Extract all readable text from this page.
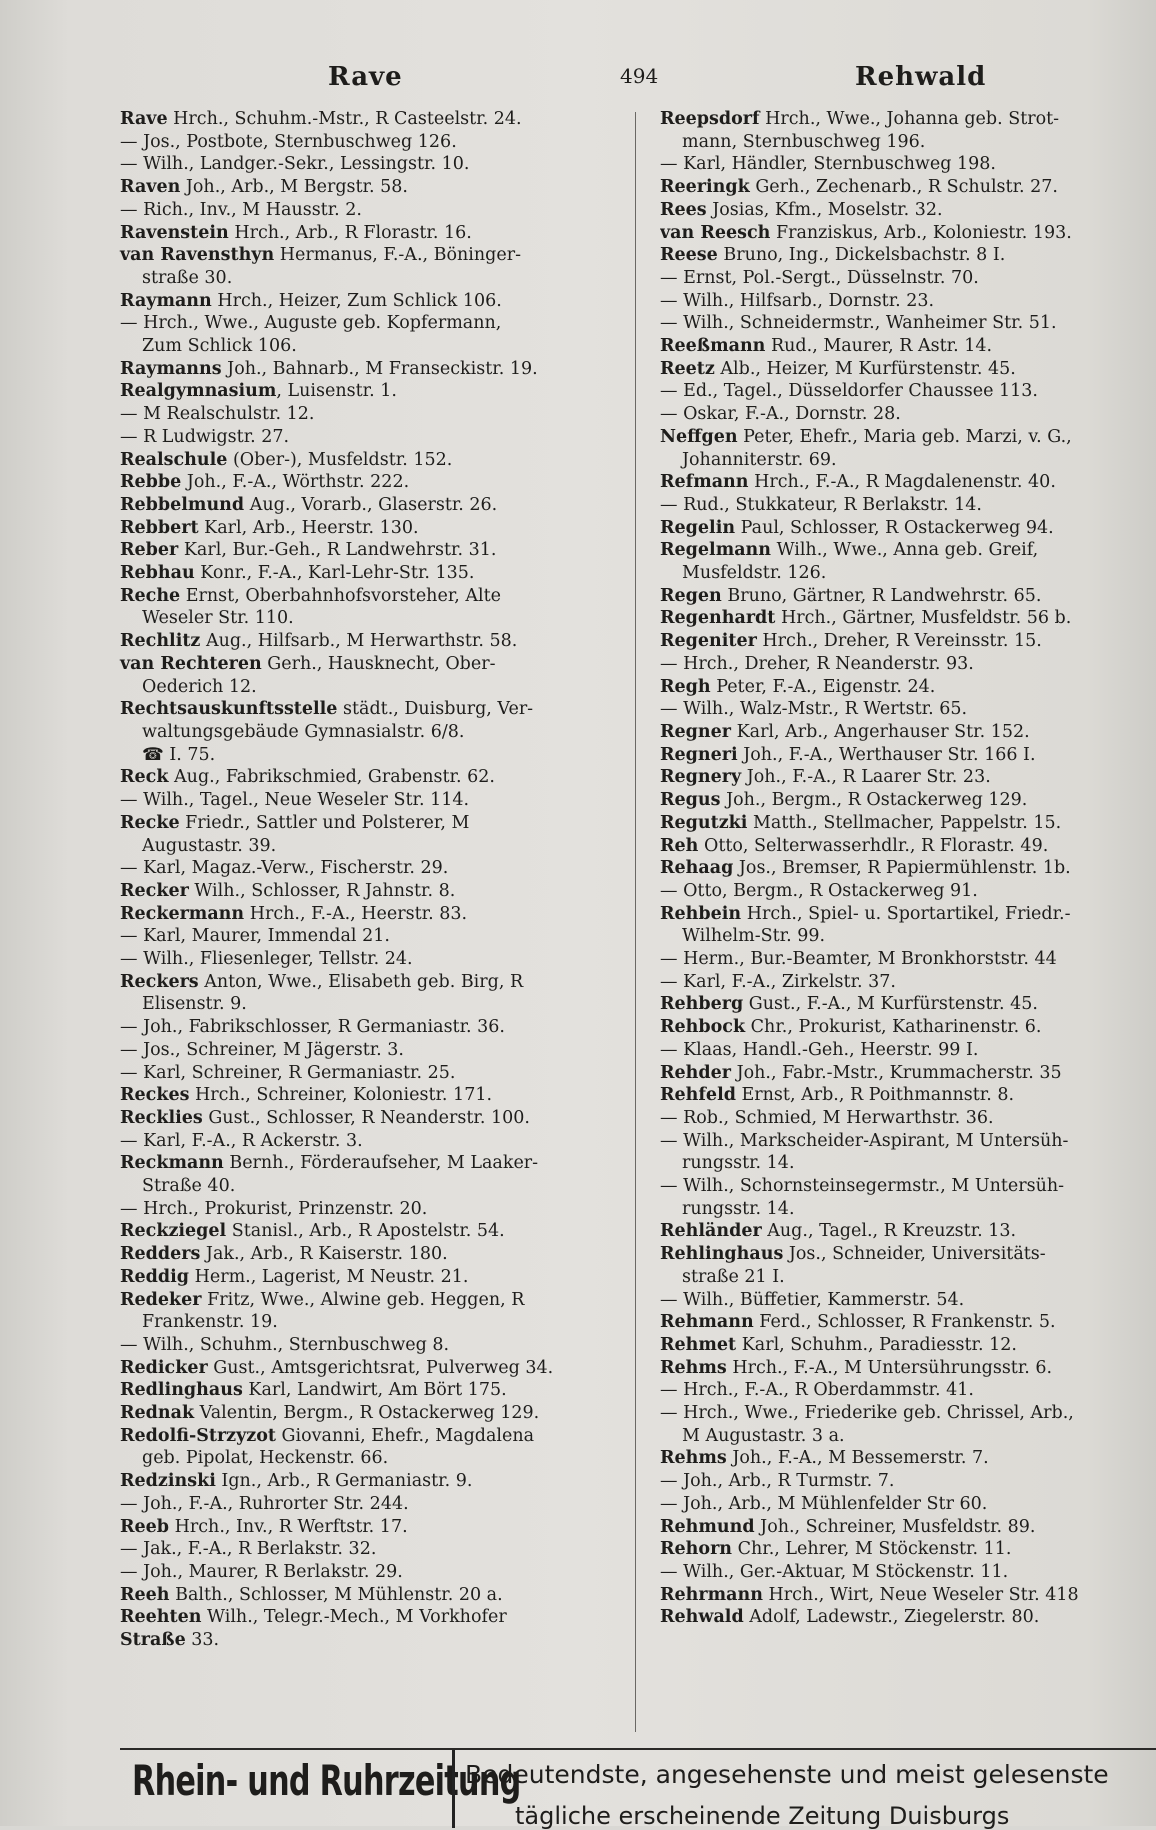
Rave	494	Rehwald
Rave Hrch., Schuhm.-Mstr., R Casteelstr. 24.
— Jos., Postbote, Sternbuschweg 126.
— Wilh., Landger.-Sekr., Lessingstr. 10.
Raven Joh., Arb., M Bergstr. 58.
— Rich., Inv., M Hausstr. 2.
Ravenstein Hrch., Arb., R Florastr. 16.
van Ravensthyn Hermanus, F.-A., Böninger-
straße 30.
Raymann Hrch., Heizer, Zum Schlick 106.
— Hrch., Wwe., Auguste geb. Kopfermann,
Zum Schlick 106.
Raymanns Joh., Bahnarb., M Franseckistr. 19.
Realgymnasium, Luisenstr. 1.
— M Realschulstr. 12.
— R Ludwigstr. 27.
Realschule (Ober-), Musfeldstr. 152.
Rebbe Joh., F.-A., Wörthstr. 222.
Rebbelmund Aug., Vorarb., Glaserstr. 26.
Rebbert Karl, Arb., Heerstr. 130.
Reber Karl, Bur.-Geh., R Landwehrstr. 31.
Rebhau Konr., F.-A., Karl-Lehr-Str. 135.
Reche Ernst, Oberbahnhofsvorsteher, Alte
Weseler Str. 110.
Rechlitz Aug., Hilfsarb., M Herwarthstr. 58.
van Rechteren Gerh., Hausknecht, Ober-
Oederich 12.
Rechtsauskunftsstelle städt., Duisburg, Ver-
waltungsgebäude Gymnasialstr. 6/8.
☎ I. 75.
Reck Aug., Fabrikschmied, Grabenstr. 62.
— Wilh., Tagel., Neue Weseler Str. 114.
Recke Friedr., Sattler und Polsterer, M
Augustastr. 39.
— Karl, Magaz.-Verw., Fischerstr. 29.
Recker Wilh., Schlosser, R Jahnstr. 8.
Reckermann Hrch., F.-A., Heerstr. 83.
— Karl, Maurer, Immendal 21.
— Wilh., Fliesenleger, Tellstr. 24.
Reckers Anton, Wwe., Elisabeth geb. Birg, R
Elisenstr. 9.
— Joh., Fabrikschlosser, R Germaniastr. 36.
— Jos., Schreiner, M Jägerstr. 3.
— Karl, Schreiner, R Germaniastr. 25.
Reckes Hrch., Schreiner, Koloniestr. 171.
Recklies Gust., Schlosser, R Neanderstr. 100.
— Karl, F.-A., R Ackerstr. 3.
Reckmann Bernh., Förderaufseher, M Laaker-
Straße 40.
— Hrch., Prokurist, Prinzenstr. 20.
Reckziegel Stanisl., Arb., R Apostelstr. 54.
Redders Jak., Arb., R Kaiserstr. 180.
Reddig Herm., Lagerist, M Neustr. 21.
Redeker Fritz, Wwe., Alwine geb. Heggen, R
Frankenstr. 19.
— Wilh., Schuhm., Sternbuschweg 8.
Redicker Gust., Amtsgerichtsrat, Pulverweg 34.
Redlinghaus Karl, Landwirt, Am Bört 175.
Rednak Valentin, Bergm., R Ostackerweg 129.
Redolfi-Strzyzot Giovanni, Ehefr., Magdalena
geb. Pipolat, Heckenstr. 66.
Redzinski Ign., Arb., R Germaniastr. 9.
— Joh., F.-A., Ruhrorter Str. 244.
Reeb Hrch., Inv., R Werftstr. 17.
— Jak., F.-A., R Berlakstr. 32.
— Joh., Maurer, R Berlakstr. 29.
Reeh Balth., Schlosser, M Mühlenstr. 20 a.
Reehten Wilh., Telegr.-Mech., M Vorkhofer
Straße 33.
Reepsdorf Hrch., Wwe., Johanna geb. Strot-
mann, Sternbuschweg 196.
— Karl, Händler, Sternbuschweg 198.
Reeringk Gerh., Zechenarb., R Schulstr. 27.
Rees Josias, Kfm., Moselstr. 32.
van Reesch Franziskus, Arb., Koloniestr. 193.
Reese Bruno, Ing., Dickelsbachstr. 8 I.
— Ernst, Pol.-Sergt., Düsselnstr. 70.
— Wilh., Hilfsarb., Dornstr. 23.
— Wilh., Schneidermstr., Wanheimer Str. 51.
Reeßmann Rud., Maurer, R Astr. 14.
Reetz Alb., Heizer, M Kurfürstenstr. 45.
— Ed., Tagel., Düsseldorfer Chaussee 113.
— Oskar, F.-A., Dornstr. 28.
Neffgen Peter, Ehefr., Maria geb. Marzi, v. G.,
Johanniterstr. 69.
Refmann Hrch., F.-A., R Magdalenenstr. 40.
— Rud., Stukkateur, R Berlakstr. 14.
Regelin Paul, Schlosser, R Ostackerweg 94.
Regelmann Wilh., Wwe., Anna geb. Greif,
Musfeldstr. 126.
Regen Bruno, Gärtner, R Landwehrstr. 65.
Regenhardt Hrch., Gärtner, Musfeldstr. 56 b.
Regeniter Hrch., Dreher, R Vereinsstr. 15.
— Hrch., Dreher, R Neanderstr. 93.
Regh Peter, F.-A., Eigenstr. 24.
— Wilh., Walz-Mstr., R Wertstr. 65.
Regner Karl, Arb., Angerhauser Str. 152.
Regneri Joh., F.-A., Werthauser Str. 166 I.
Regnery Joh., F.-A., R Laarer Str. 23.
Regus Joh., Bergm., R Ostackerweg 129.
Regutzki Matth., Stellmacher, Pappelstr. 15.
Reh Otto, Selterwasserhdlr., R Florastr. 49.
Rehaag Jos., Bremser, R Papiermühlenstr. 1b.
— Otto, Bergm., R Ostackerweg 91.
Rehbein Hrch., Spiel- u. Sportartikel, Friedr.-
Wilhelm-Str. 99.
— Herm., Bur.-Beamter, M Bronkhorststr. 44
— Karl, F.-A., Zirkelstr. 37.
Rehberg Gust., F.-A., M Kurfürstenstr. 45.
Rehbock Chr., Prokurist, Katharinenstr. 6.
— Klaas, Handl.-Geh., Heerstr. 99 I.
Rehder Joh., Fabr.-Mstr., Krummacherstr. 35
Rehfeld Ernst, Arb., R Poithmannstr. 8.
— Rob., Schmied, M Herwarthstr. 36.
— Wilh., Markscheider-Aspirant, M Untersüh-
rungsstr. 14.
— Wilh., Schornsteinsegermstr., M Untersüh-
rungsstr. 14.
Rehländer Aug., Tagel., R Kreuzstr. 13.
Rehlinghaus Jos., Schneider, Universitäts-
straße 21 I.
— Wilh., Büffetier, Kammerstr. 54.
Rehmann Ferd., Schlosser, R Frankenstr. 5.
Rehmet Karl, Schuhm., Paradiesstr. 12.
Rehms Hrch., F.-A., M Untersührungsstr. 6.
— Hrch., F.-A., R Oberdammstr. 41.
— Hrch., Wwe., Friederike geb. Chrissel, Arb.,
M Augustastr. 3 a.
Rehms Joh., F.-A., M Bessemerstr. 7.
— Joh., Arb., R Turmstr. 7.
— Joh., Arb., M Mühlenfelder Str 60.
Rehmund Joh., Schreiner, Musfeldstr. 89.
Rehorn Chr., Lehrer, M Stöckenstr. 11.
— Wilh., Ger.-Aktuar, M Stöckenstr. 11.
Rehrmann Hrch., Wirt, Neue Weseler Str. 418
Rehwald Adolf, Ladewstr., Ziegelerstr. 80.
Rhein- und Ruhrzeitung
Bedeutendste, angesehenste und meist gelesenste
tägliche erscheinende Zeitung Duisburgs
